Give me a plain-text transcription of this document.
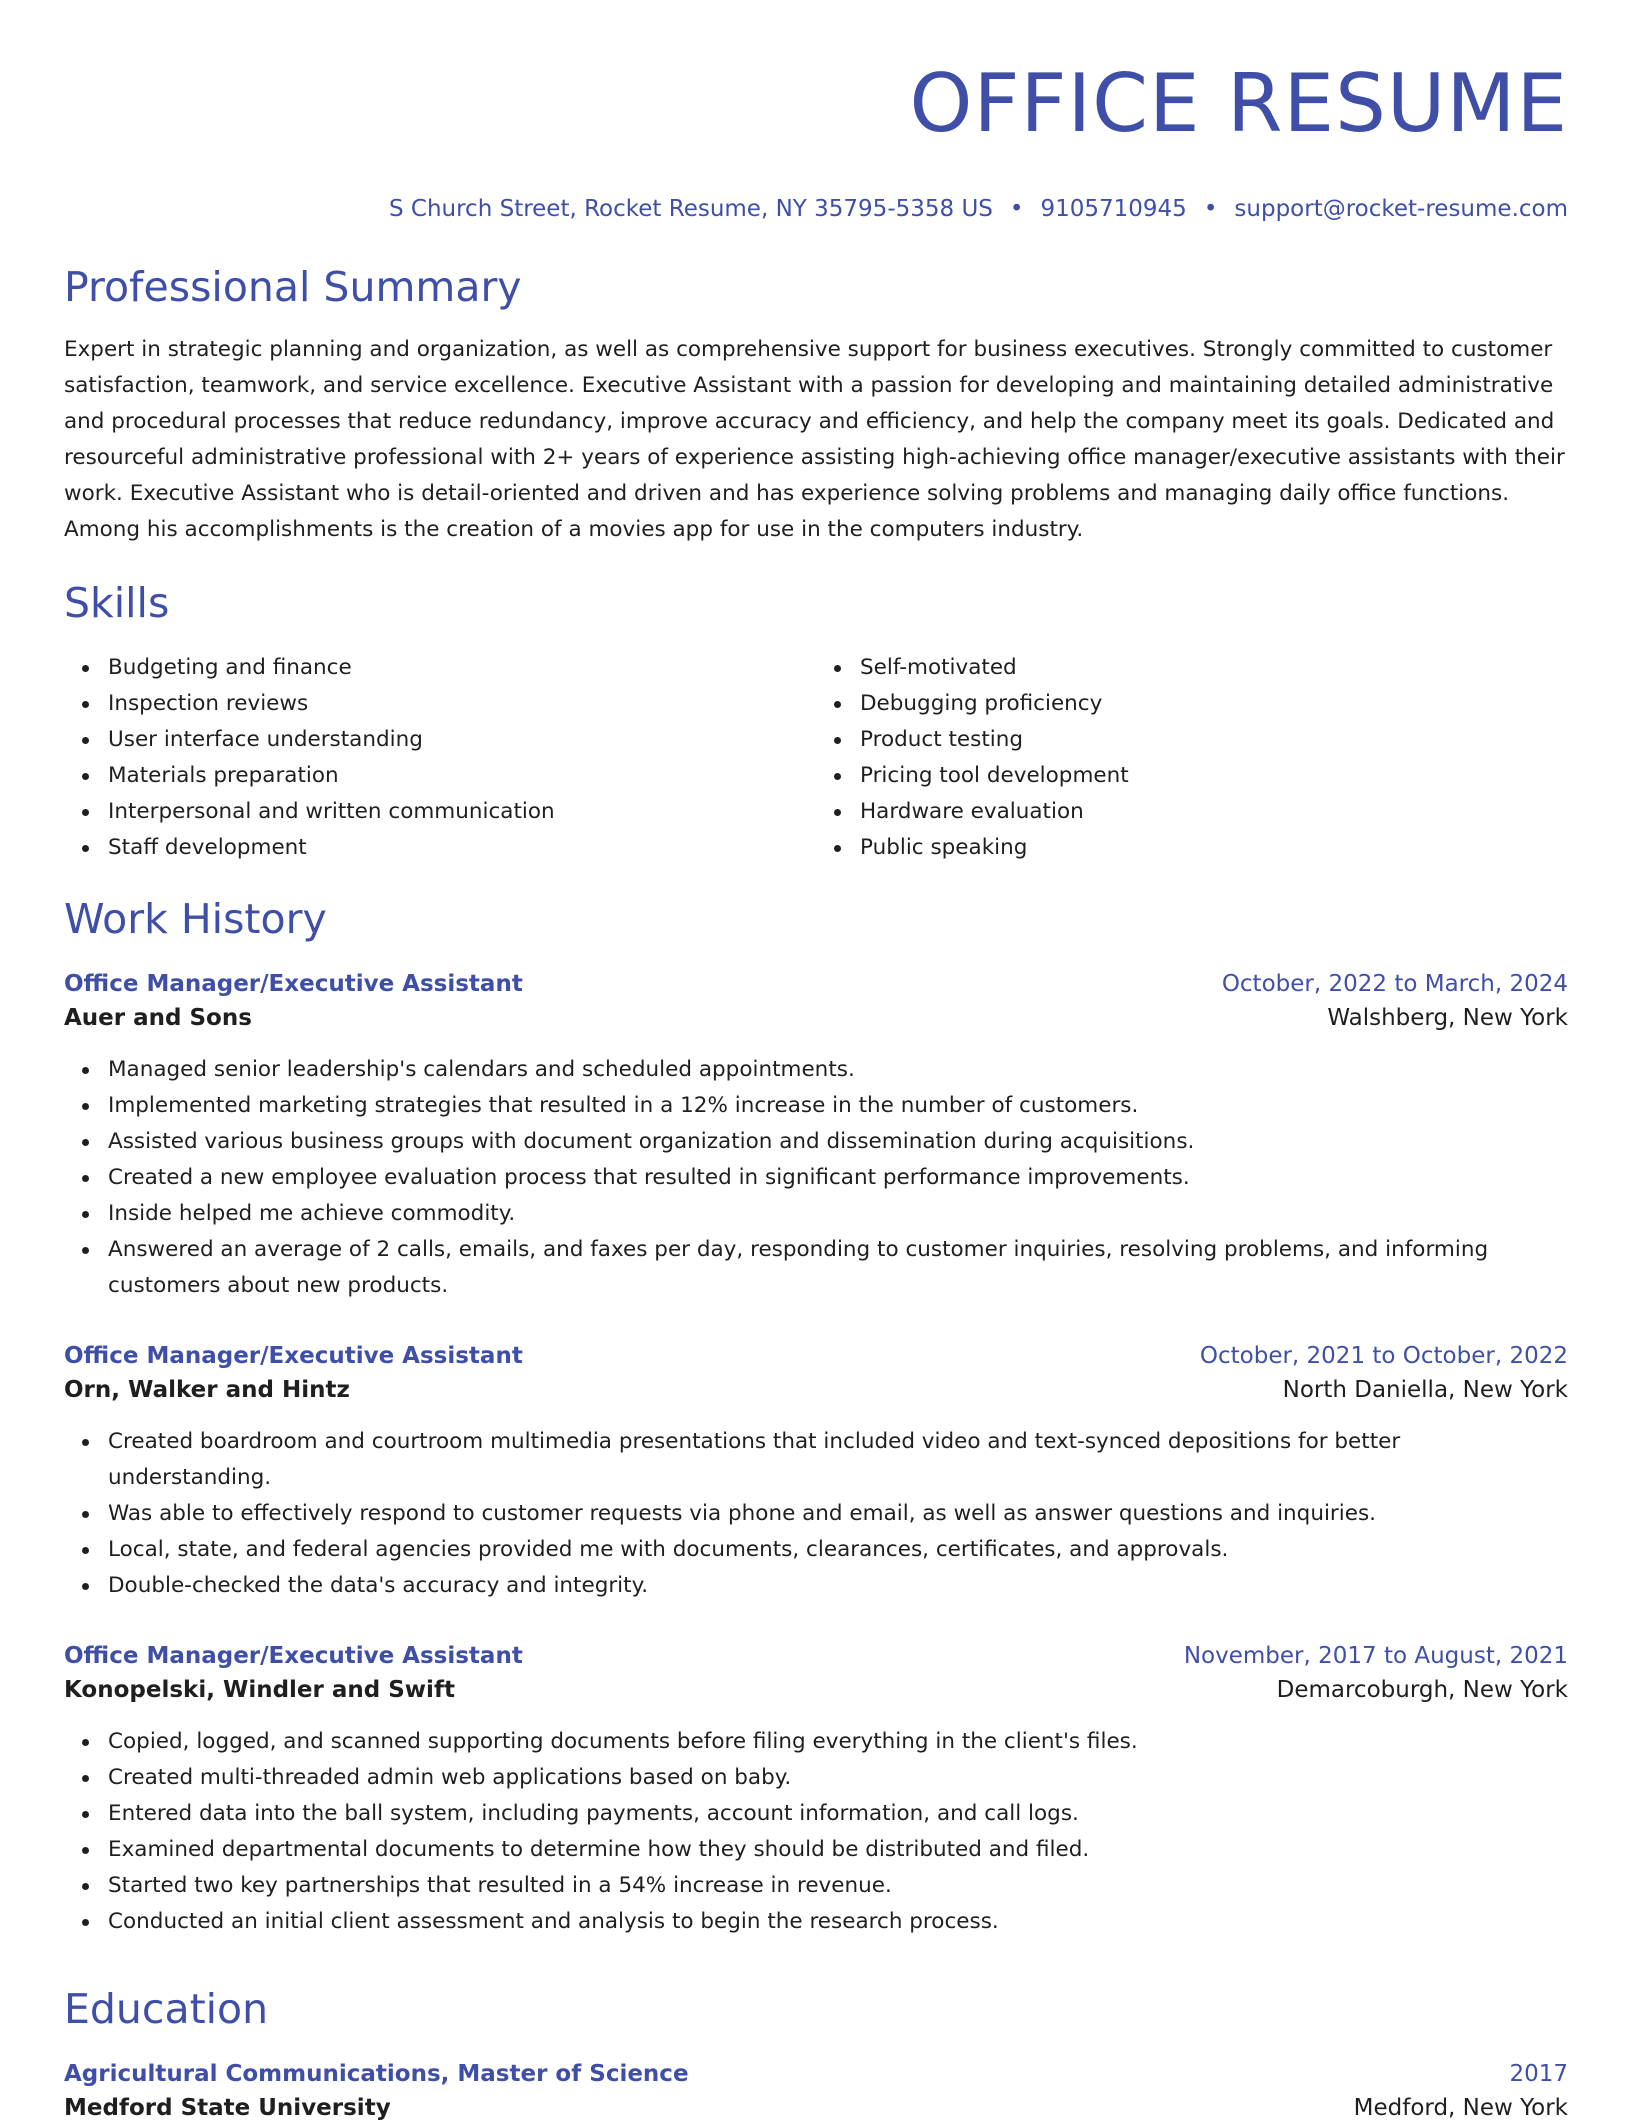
OFFICE RESUME
S Church Street, Rocket Resume, NY 35795-5358 US • 9105710945 • support@rocket-resume.com
Professional Summary

Expert in strategic planning and organization, as well as comprehensive support for business executives. Strongly committed to customer satisfaction, teamwork, and service excellence. Executive Assistant with a passion for developing and maintaining detailed administrative and procedural processes that reduce redundancy, improve accuracy and efficiency, and help the company meet its goals. Dedicated and resourceful administrative professional with 2+ years of experience assisting high-achieving office manager/executive assistants with their work. Executive Assistant who is detail-oriented and driven and has experience solving problems and managing daily office functions. Among his accomplishments is the creation of a movies app for use in the computers industry.

Skills
Budgeting and finance
Inspection reviews
User interface understanding
Materials preparation
Interpersonal and written communication
Staff development
Self-motivated
Debugging proficiency
Product testing
Pricing tool development
Hardware evaluation
Public speaking
Work History
Office Manager/Executive Assistant	October, 2022 to March, 2024
Auer and Sons	Walshberg, New York
Managed senior leadership's calendars and scheduled appointments.
Implemented marketing strategies that resulted in a 12% increase in the number of customers.
Assisted various business groups with document organization and dissemination during acquisitions.
Created a new employee evaluation process that resulted in significant performance improvements.
Inside helped me achieve commodity.
Answered an average of 2 calls, emails, and faxes per day, responding to customer inquiries, resolving problems, and informing customers about new products.
Office Manager/Executive Assistant	October, 2021 to October, 2022
Orn, Walker and Hintz	North Daniella, New York
Created boardroom and courtroom multimedia presentations that included video and text-synced depositions for better understanding.
Was able to effectively respond to customer requests via phone and email, as well as answer questions and inquiries.
Local, state, and federal agencies provided me with documents, clearances, certificates, and approvals.
Double-checked the data's accuracy and integrity.
Office Manager/Executive Assistant	November, 2017 to August, 2021
Konopelski, Windler and Swift	Demarcoburgh, New York
Copied, logged, and scanned supporting documents before filing everything in the client's files.
Created multi-threaded admin web applications based on baby.
Entered data into the ball system, including payments, account information, and call logs.
Examined departmental documents to determine how they should be distributed and filed.
Started two key partnerships that resulted in a 54% increase in revenue.
Conducted an initial client assessment and analysis to begin the research process.
Education
Agricultural Communications, Master of Science	2017
Medford State University	Medford, New York
